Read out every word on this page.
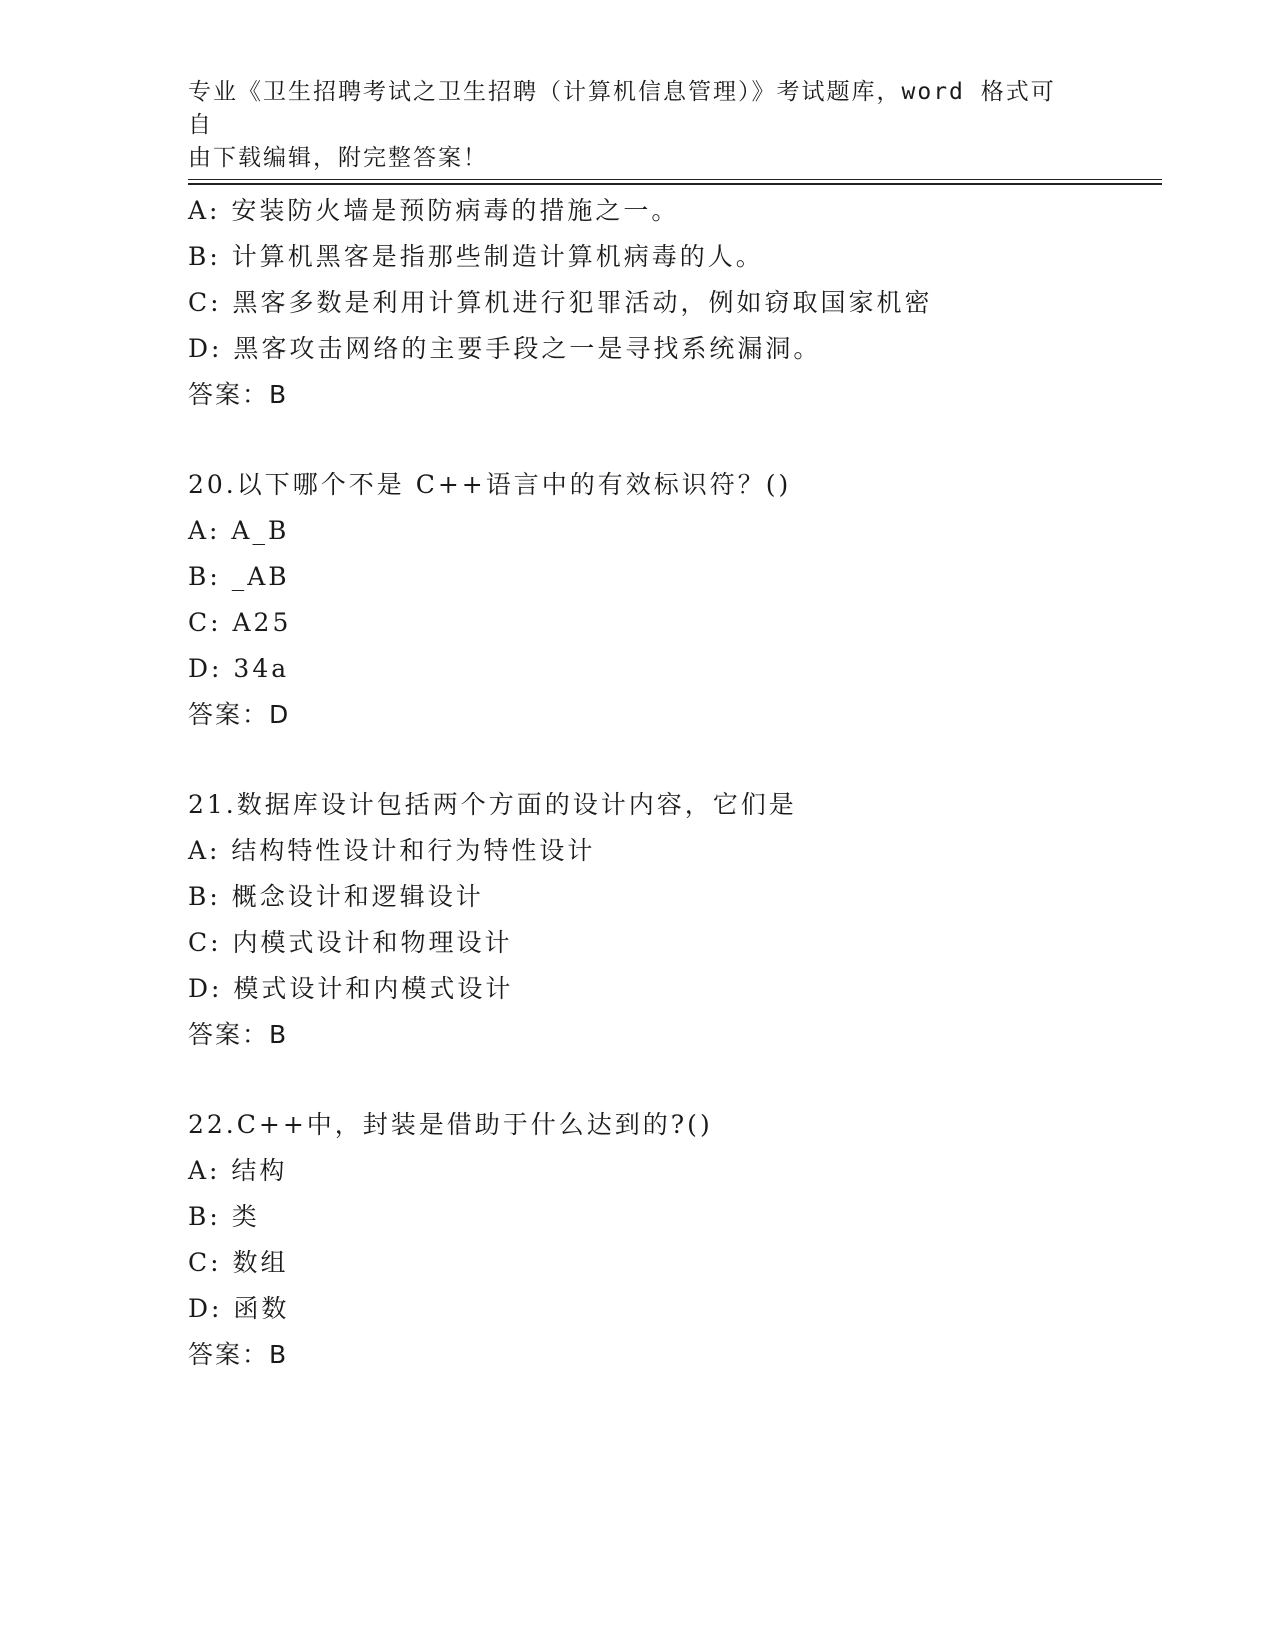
专业《卫生招聘考试之卫生招聘（计算机信息管理）》考试题库，word 格式可自
由下载编辑，附完整答案！
A: 安装防火墙是预防病毒的措施之一。
B: 计算机黑客是指那些制造计算机病毒的人。
C: 黑客多数是利用计算机进行犯罪活动，例如窃取国家机密
D: 黑客攻击网络的主要手段之一是寻找系统漏洞。
答案：B
20.以下哪个不是 C++语言中的有效标识符？()
A: A_B
B: _AB
C: A25
D: 34a
答案：D
21.数据库设计包括两个方面的设计内容，它们是
A: 结构特性设计和行为特性设计
B: 概念设计和逻辑设计
C: 内模式设计和物理设计
D: 模式设计和内模式设计
答案：B
22.C++中，封装是借助于什么达到的?()
A: 结构
B: 类
C: 数组
D: 函数
答案：B
